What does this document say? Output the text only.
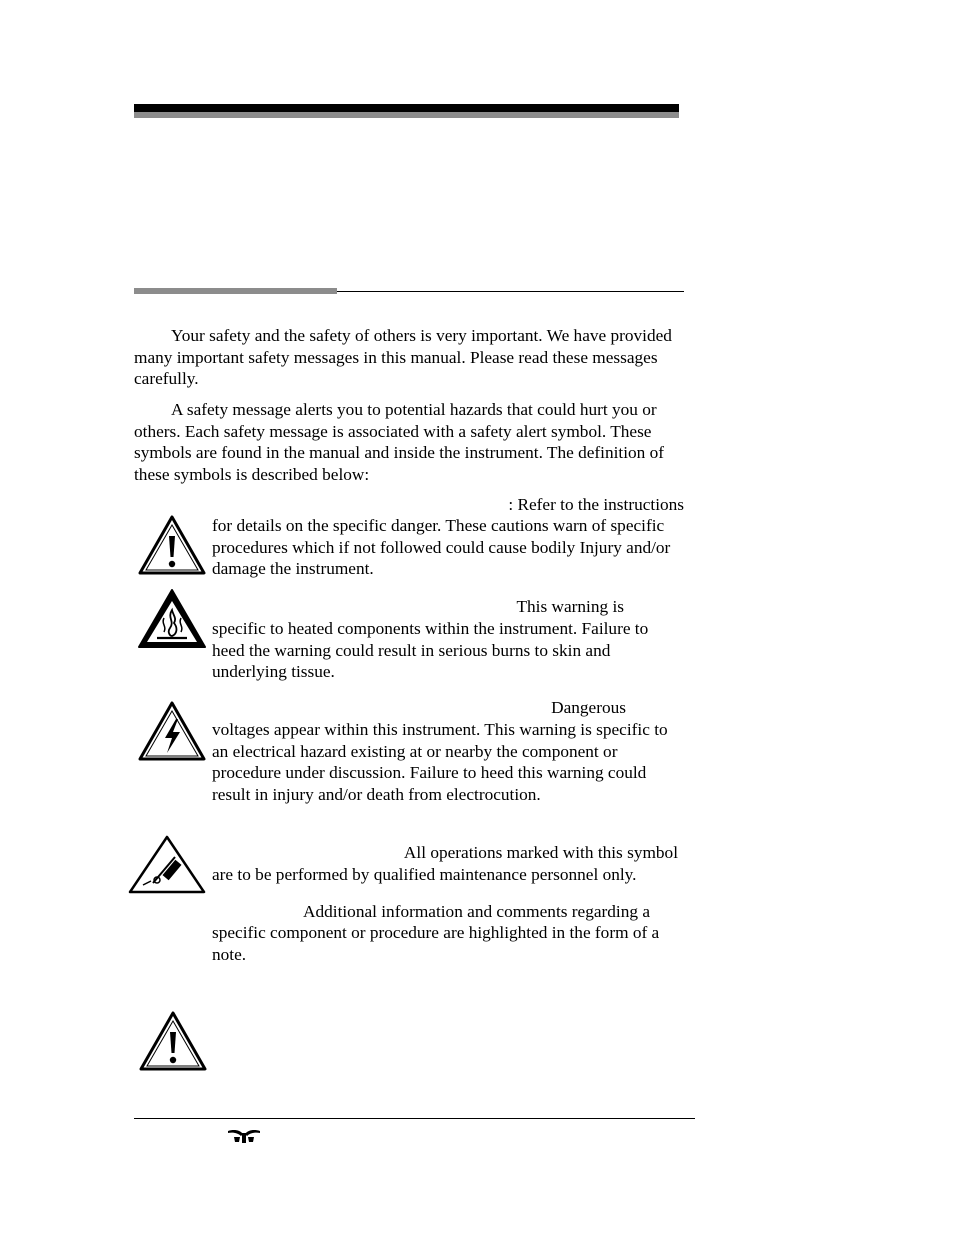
Your safety and the safety of others is very important. We have provided many important safety messages in this manual. Please read these messages carefully.

A safety message alerts you to potential hazards that could hurt you or others. Each safety message is associated with a safety alert symbol. These symbols are found in the manual and inside the instrument. The definition of these symbols is described below:

: Refer to the instructions

for details on the specific danger. These cautions warn of specific procedures which if not followed could cause bodily Injury and/or damage the instrument.

This warning is

specific to heated components within the instrument. Failure to heed the warning could result in serious burns to skin and underlying tissue.

Dangerous

voltages appear within this instrument. This warning is specific to an electrical hazard existing at or nearby the component or procedure under discussion. Failure to heed this warning could result in injury and/or death from electrocution.

All operations marked with this symbol

are to be performed by qualified maintenance personnel only.

Additional information and comments regarding a

specific component or procedure are highlighted in the form of a note.
